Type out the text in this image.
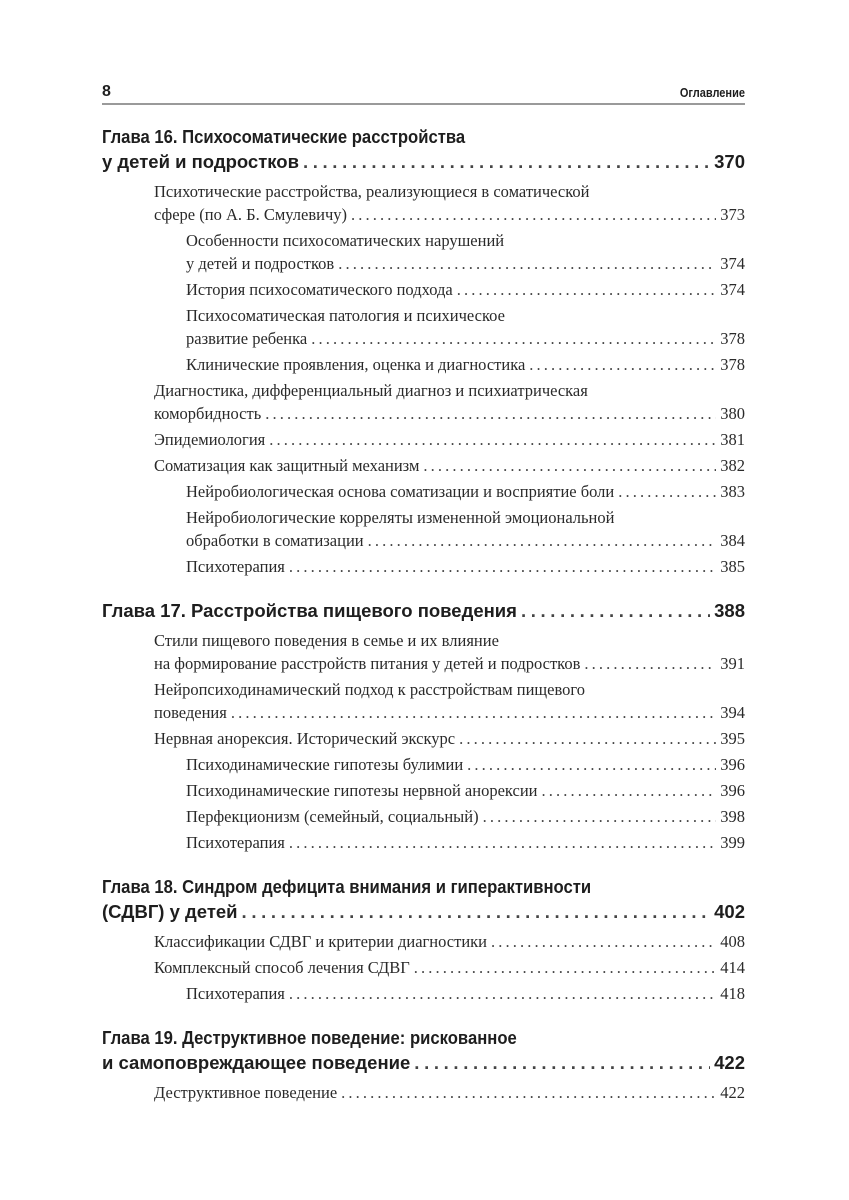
8	Оглавление
Глава 16. Психосоматические расстройства
у детей и подростков . . .	370
Психотические расстройства, реализующиеся в соматической
сфере (по А. Б. Смулевичу) . . .	373
Особенности психосоматических нарушений
у детей и подростков . . .	374
История психосоматического подхода . . .	374
Психосоматическая патология и психическое
развитие ребенка . . .	378
Клинические проявления, оценка и диагностика . . .	378
Диагностика, дифференциальный диагноз и психиатрическая
коморбидность . . .	380
Эпидемиология . . .	381
Соматизация как защитный механизм . . .	382
Нейробиологическая основа соматизации и восприятие боли . . .	383
Нейробиологические корреляты измененной эмоциональной
обработки в соматизации . . .	384
Психотерапия . . .	385
Глава 17. Расстройства пищевого поведения . . .	388
Стили пищевого поведения в семье и их влияние
на формирование расстройств питания у детей и подростков . . .	391
Нейропсиходинамический подход к расстройствам пищевого
поведения . . .	394
Нервная анорексия. Исторический экскурс . . .	395
Психодинамические гипотезы булимии . . .	396
Психодинамические гипотезы нервной анорексии . . .	396
Перфекционизм (семейный, социальный) . . .	398
Психотерапия . . .	399
Глава 18. Синдром дефицита внимания и гиперактивности
(СДВГ) у детей . . .	402
Классификации СДВГ и критерии диагностики . . .	408
Комплексный способ лечения СДВГ . . .	414
Психотерапия . . .	418
Глава 19. Деструктивное поведение: рискованное
и самоповреждающее поведение . . .	422
Деструктивное поведение . . .	422
